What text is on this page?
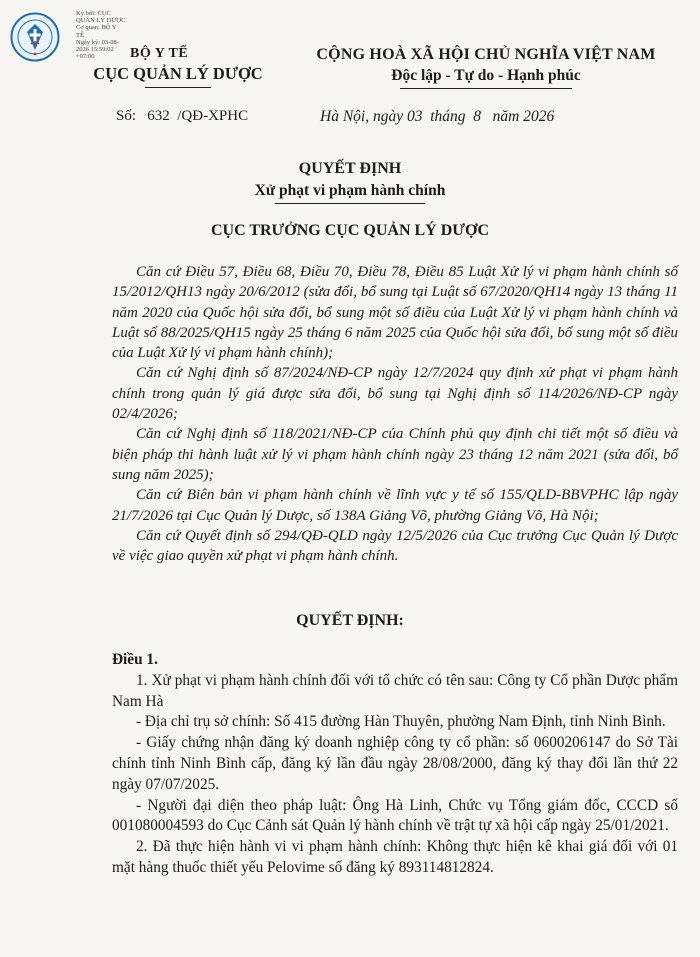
Ký bởi: CỤC
QUẢN LÝ DƯỢC
Cơ quan: BỘ Y
TẾ
Ngày ký: 03-08-
2026 15:59:02
+07:00	BỘ Y TẾ
CỤC QUẢN LÝ DƯỢC
CỘNG HOÀ XÃ HỘI CHỦ NGHĨA VIỆT NAM
Độc lập - Tự do - Hạnh phúc
Số:   632  /QĐ-XPHC	Hà Nội, ngày 03  tháng  8   năm 2026
QUYẾT ĐỊNH
Xử phạt vi phạm hành chính
CỤC TRƯỞNG CỤC QUẢN LÝ DƯỢC

Căn cứ Điều 57, Điều 68, Điều 70, Điều 78, Điều 85 Luật Xử lý vi phạm hành chính số 15/2012/QH13 ngày 20/6/2012 (sửa đổi, bổ sung tại Luật số 67/2020/QH14 ngày 13 tháng 11 năm 2020 của Quốc hội sửa đổi, bổ sung một số điều của Luật Xử lý vi phạm hành chính và Luật số 88/2025/QH15 ngày 25 tháng 6 năm 2025 của Quốc hội sửa đổi, bổ sung một số điều của Luật Xử lý vi phạm hành chính);

Căn cứ Nghị định số 87/2024/NĐ-CP ngày 12/7/2024 quy định xử phạt vi phạm hành chính trong quản lý giá được sửa đổi, bổ sung tại Nghị định số 114/2026/NĐ-CP ngày 02/4/2026;

Căn cứ Nghị định số 118/2021/NĐ-CP của Chính phủ quy định chi tiết một số điều và biện pháp thi hành luật xử lý vi phạm hành chính ngày 23 tháng 12 năm 2021 (sửa đổi, bổ sung năm 2025);

Căn cứ Biên bản vi phạm hành chính về lĩnh vực y tế số 155/QLD-BBVPHC lập ngày 21/7/2026 tại Cục Quản lý Dược, số 138A Giảng Võ, phường Giảng Võ, Hà Nội;

Căn cứ Quyết định số 294/QĐ-QLD ngày 12/5/2026 của Cục trưởng Cục Quản lý Dược về việc giao quyền xử phạt vi phạm hành chính.

QUYẾT ĐỊNH:

Điều 1.

1. Xử phạt vi phạm hành chính đối với tổ chức có tên sau: Công ty Cổ phần Dược phẩm Nam Hà

- Địa chỉ trụ sở chính: Số 415 đường Hàn Thuyên, phường Nam Định, tỉnh Ninh Bình.

- Giấy chứng nhận đăng ký doanh nghiệp công ty cổ phần: số 0600206147 do Sở Tài chính tỉnh Ninh Bình cấp, đăng ký lần đầu ngày 28/08/2000, đăng ký thay đổi lần thứ 22 ngày 07/07/2025.

- Người đại diện theo pháp luật: Ông Hà Linh, Chức vụ Tổng giám đốc, CCCD số 001080004593 do Cục Cảnh sát Quản lý hành chính về trật tự xã hội cấp ngày 25/01/2021.

2. Đã thực hiện hành vi vi phạm hành chính: Không thực hiện kê khai giá đối với 01 mặt hàng thuốc thiết yếu Pelovime số đăng ký 893114812824.
